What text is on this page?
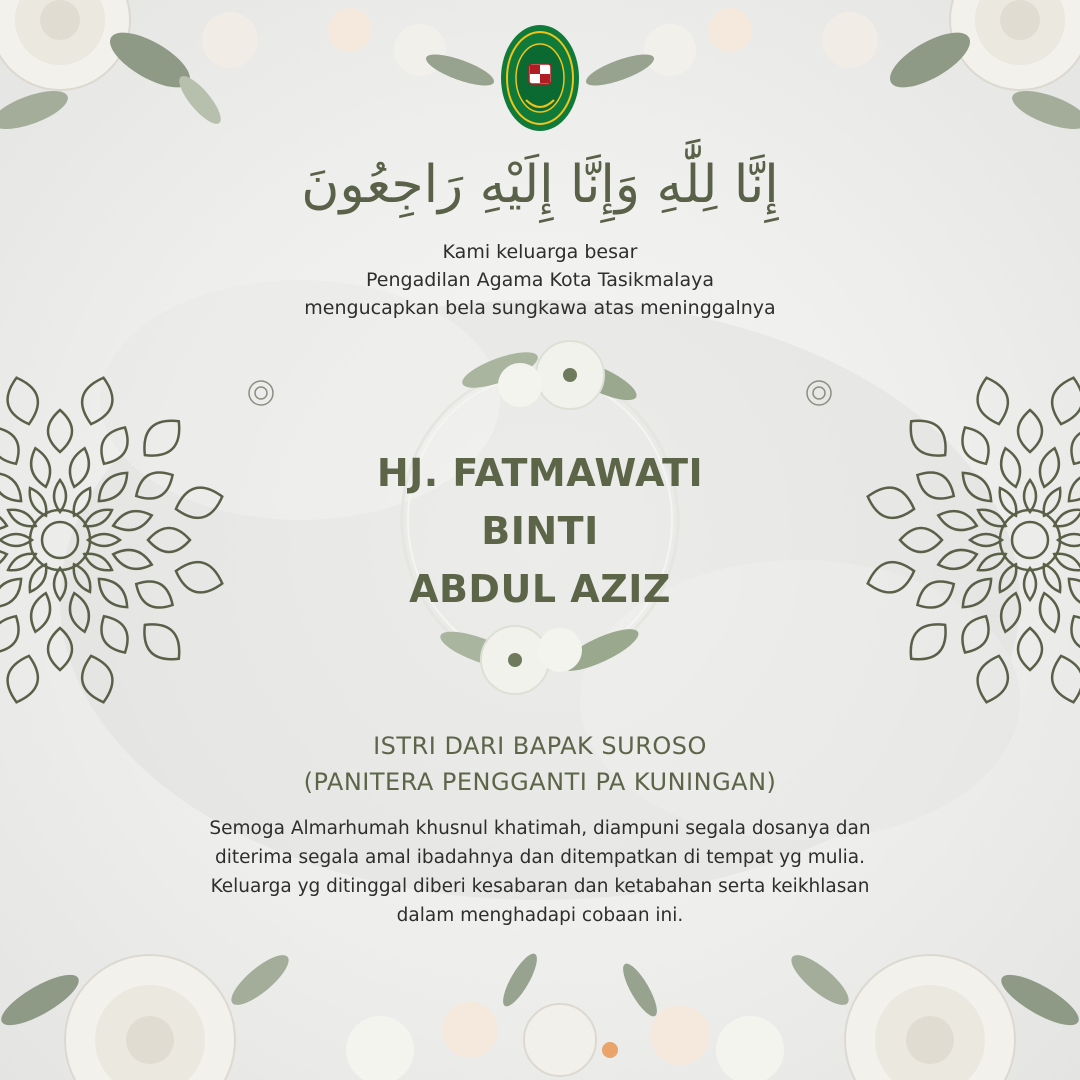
إِنَّا لِلَّٰهِ وَإِنَّا إِلَيْهِ رَاجِعُونَ
Kami keluarga besar
Pengadilan Agama Kota Tasikmalaya
mengucapkan bela sungkawa atas meninggalnya
HJ. FATMAWATI
BINTI
ABDUL AZIZ
ISTRI DARI BAPAK SUROSO
(PANITERA PENGGANTI PA KUNINGAN)
Semoga Almarhumah khusnul khatimah, diampuni segala dosanya dan
diterima segala amal ibadahnya dan ditempatkan di tempat yg mulia.
Keluarga yg ditinggal diberi kesabaran dan ketabahan serta keikhlasan
dalam menghadapi cobaan ini.
